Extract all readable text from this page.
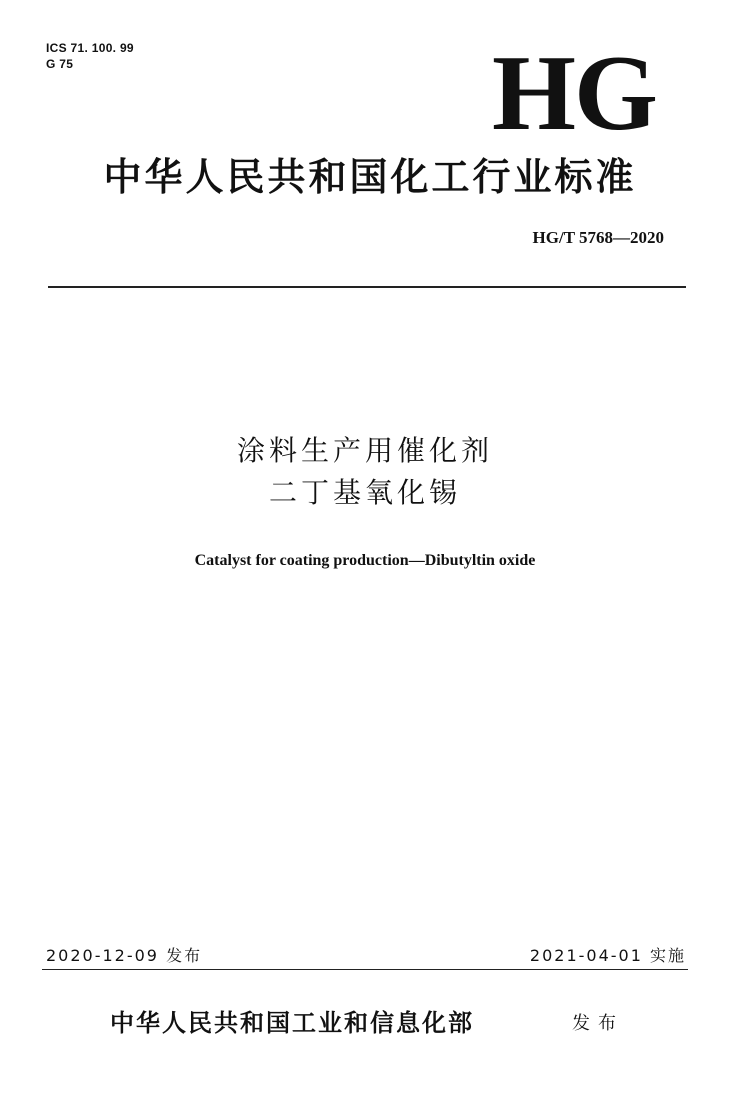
ICS 71. 100. 99
G 75	HG
中华人民共和国化工行业标准
HG/T 5768—2020
涂料生产用催化剂
二丁基氧化锡
Catalyst for coating production—Dibutyltin oxide
2020-12-09 发布	2021-04-01 实施
中华人民共和国工业和信息化部	发布
